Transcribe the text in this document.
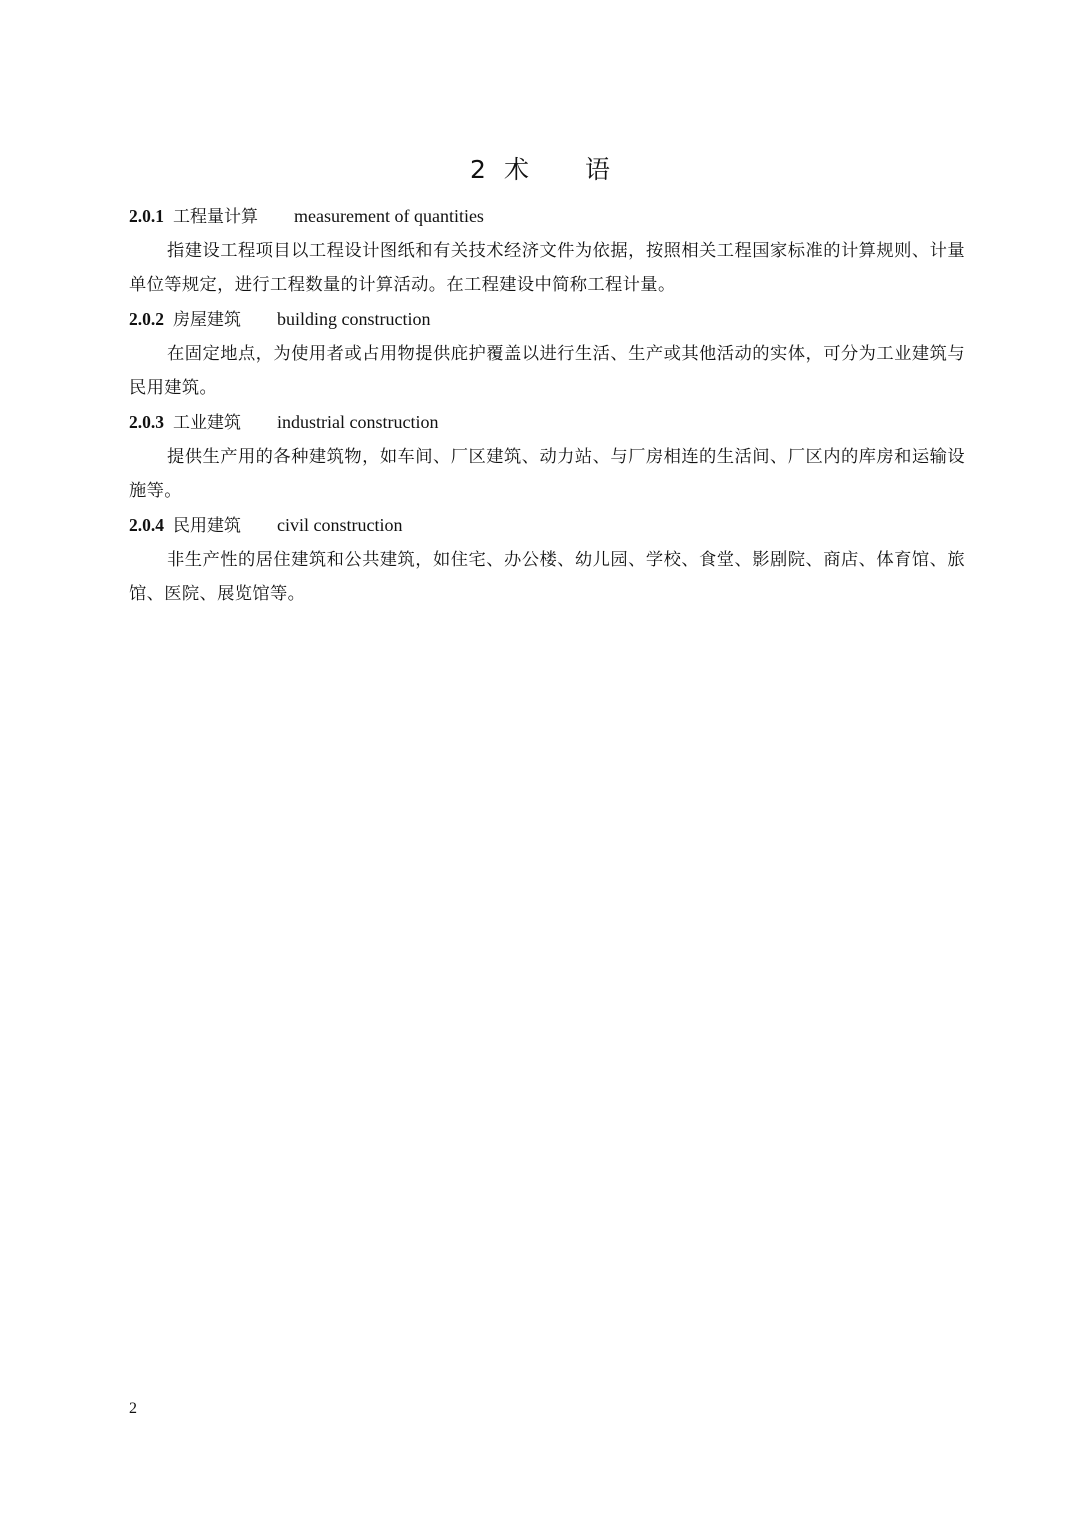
2 术 语
2.0.1 工程量计算 measurement of quantities

指建设工程项目以工程设计图纸和有关技术经济文件为依据，按照相关工程国家标准的计算规则、计量单位等规定，进行工程数量的计算活动。在工程建设中简称工程计量。

2.0.2 房屋建筑 building construction

在固定地点，为使用者或占用物提供庇护覆盖以进行生活、生产或其他活动的实体，可分为工业建筑与民用建筑。

2.0.3 工业建筑 industrial construction

提供生产用的各种建筑物，如车间、厂区建筑、动力站、与厂房相连的生活间、厂区内的库房和运输设施等。

2.0.4 民用建筑 civil construction

非生产性的居住建筑和公共建筑，如住宅、办公楼、幼儿园、学校、食堂、影剧院、商店、体育馆、旅馆、医院、展览馆等。

2
